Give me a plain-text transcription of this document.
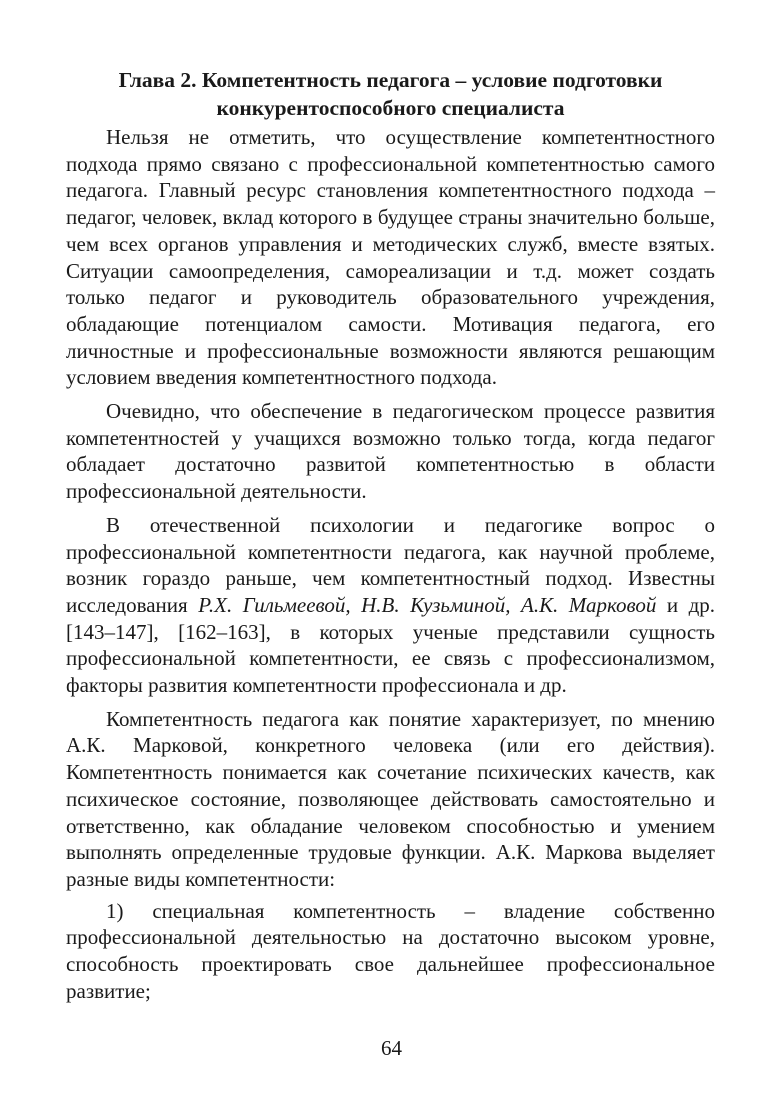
Глава 2. Компетентность педагога – условие подготовки
конкурентоспособного специалиста

Нельзя не отметить, что осуществление компетентностного подхода прямо связано с профессиональной компетентностью самого педагога. Главный ресурс становления компетентностного подхода – педагог, человек, вклад которого в будущее страны значительно больше, чем всех органов управления и методических служб, вместе взятых. Ситуации самоопределения, самореализации и т.д. может создать только педагог и руководитель образовательного учреждения, обладающие потенциалом самости. Мотивация педагога, его личностные и профессиональные возможности являются решающим условием введения компетентностного подхода.

Очевидно, что обеспечение в педагогическом процессе развития компетентностей у учащихся возможно только тогда, когда педагог обладает достаточно развитой компетентностью в области профессиональной деятельности.

В отечественной психологии и педагогике вопрос о профессиональной компетентности педагога, как научной проблеме, возник гораздо раньше, чем компетентностный подход. Известны исследования Р.Х. Гильмеевой, Н.В. Кузьминой, А.К. Марковой и др. [143–147], [162–163], в которых ученые представили сущность профессиональной компетентности, ее связь с профессионализмом, факторы развития компетентности профессионала и др.

Компетентность педагога как понятие характеризует, по мнению А.К. Марковой, конкретного человека (или его действия). Компетентность понимается как сочетание психических качеств, как психическое состояние, позволяющее действовать самостоятельно и ответственно, как обладание человеком способностью и умением выполнять определенные трудовые функции. А.К. Маркова выделяет разные виды компетентности:

1) специальная компетентность – владение собственно профессиональной деятельностью на достаточно высоком уровне, способность проектировать свое дальнейшее профессиональное развитие;

64
